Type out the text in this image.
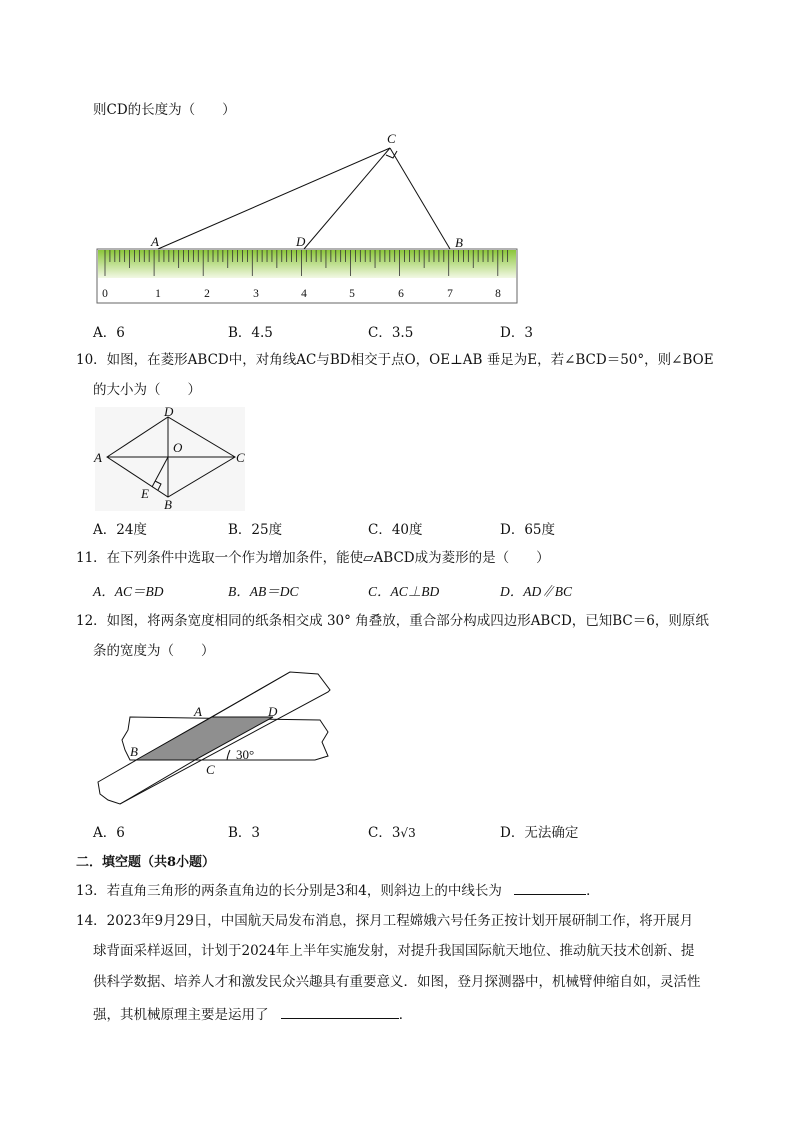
则CD的长度为（　　）
0	1	2	3	4	5	6	7	8
C
A	D	B
A．6	B．4.5	C．3.5	D．3
10．如图，在菱形ABCD中，对角线AC与BD相交于点O，OE⊥AB 垂足为E，若∠BCD＝50°，则∠BOE
的大小为（　　）
A
D
C
O
E
B
A．24度	B．25度	C．40度	D．65度
11．在下列条件中选取一个作为增加条件，能使▱ABCD成为菱形的是（　　）
A．AC＝BD	B．AB＝DC	C．AC⊥BD	D．AD∥BC
12．如图，将两条宽度相同的纸条相交成 30° 角叠放，重合部分构成四边形ABCD，已知BC＝6，则原纸
条的宽度为（　　）
A	D
B
C
30°
A．6	B．3	C．3√3	D．无法确定
二．填空题（共8小题）
13．若直角三角形的两条直角边的长分别是3和4，则斜边上的中线长为	．
14．2023年9月29日，中国航天局发布消息，探月工程嫦娥六号任务正按计划开展研制工作，将开展月
球背面采样返回，计划于2024年上半年实施发射，对提升我国国际航天地位、推动航天技术创新、提
供科学数据、培养人才和激发民众兴趣具有重要意义．如图，登月探测器中，机械臂伸缩自如，灵活性
强，其机械原理主要是运用了	．
